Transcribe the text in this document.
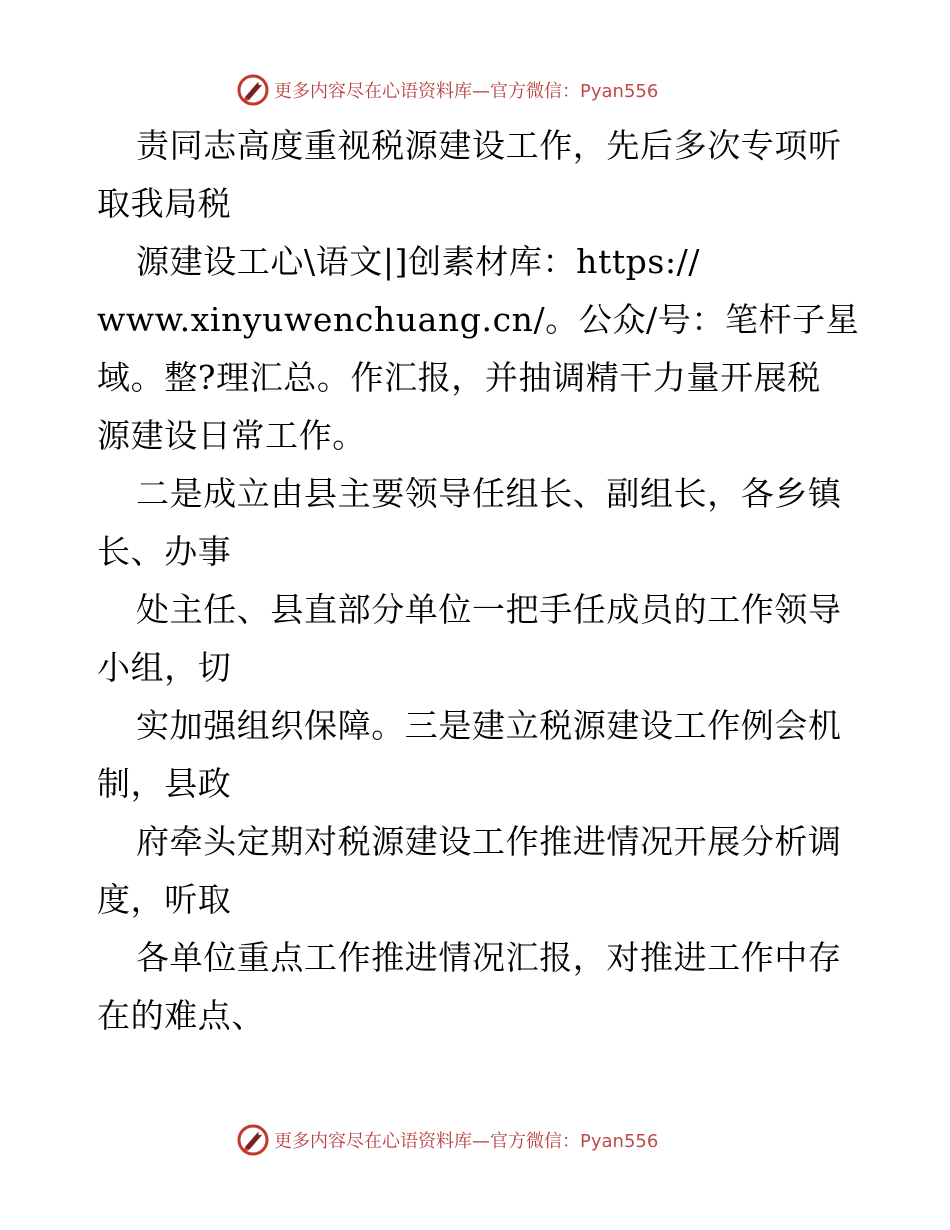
更多内容尽在心语资料库—官方微信：Pyan556
责同志高度重视税源建设工作，先后多次专项听
取我局税
源建设工心\语文|]创素材库：https://
www.xinyuwenchuang.cn/。公众/号：笔杆子星
域。整?理汇总。作汇报，并抽调精干力量开展税
源建设日常工作。
二是成立由县主要领导任组长、副组长，各乡镇
长、办事
处主任、县直部分单位一把手任成员的工作领导
小组，切
实加强组织保障。三是建立税源建设工作例会机
制，县政
府牵头定期对税源建设工作推进情况开展分析调
度，听取
各单位重点工作推进情况汇报，对推进工作中存
在的难点、
更多内容尽在心语资料库—官方微信：Pyan556
